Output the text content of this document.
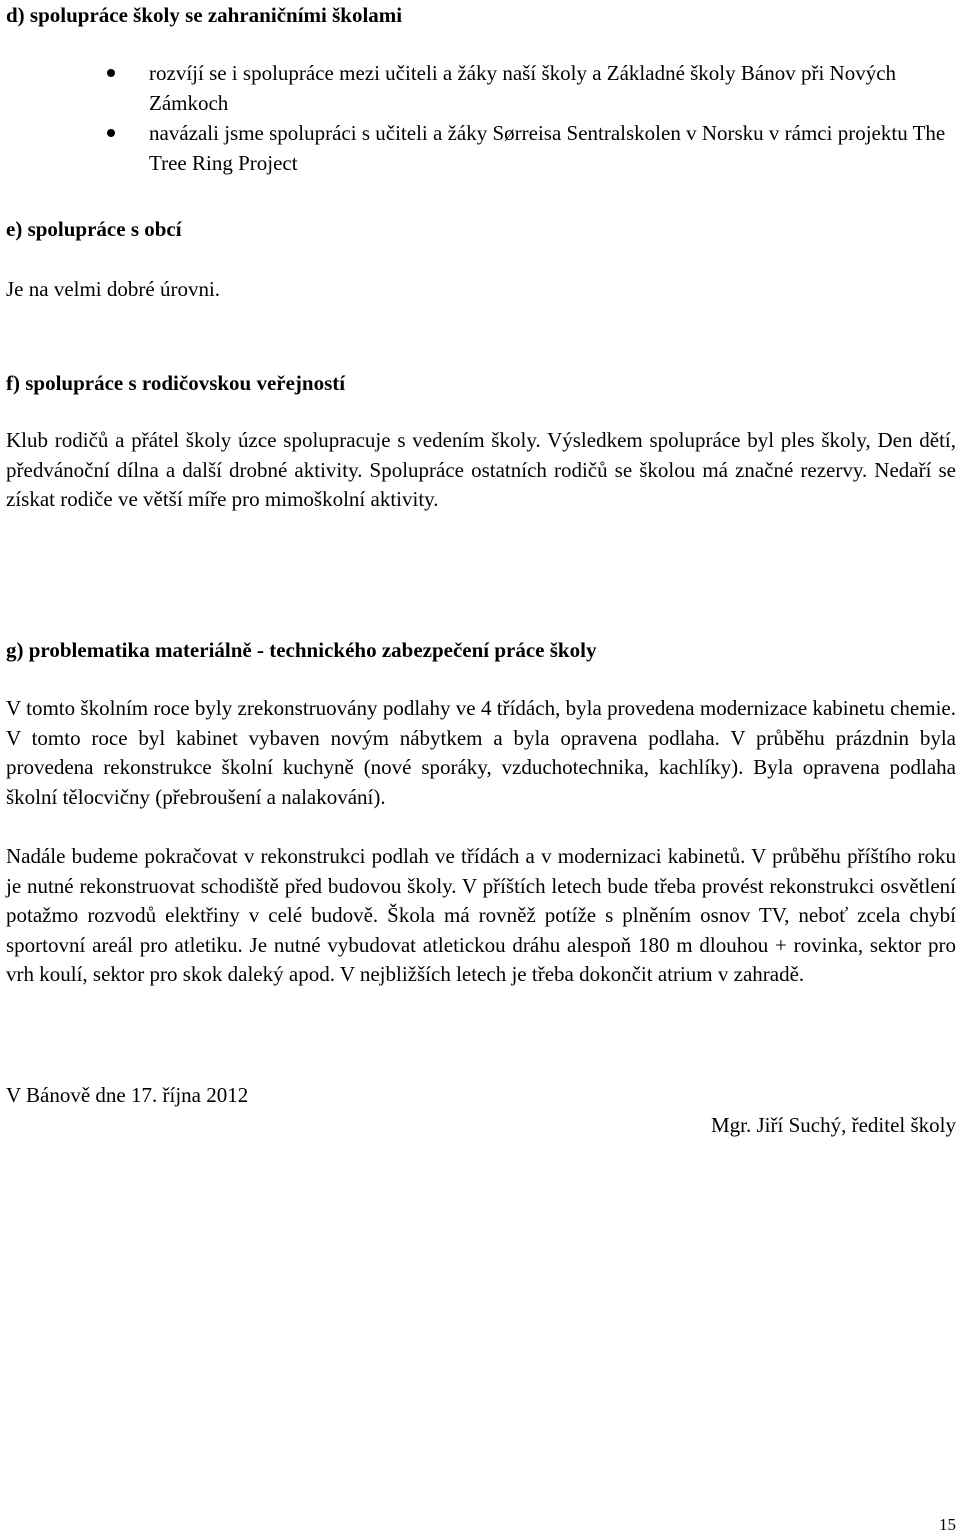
d) spolupráce školy se zahraničními školami
rozvíjí se i spolupráce mezi učiteli a žáky naší školy a Základné školy Bánov při Nových Zámkoch
navázali jsme spolupráci s učiteli a žáky Sørreisa Sentralskolen v Norsku v rámci projektu The Tree Ring Project
e) spolupráce s obcí
Je na velmi dobré úrovni.
f) spolupráce s rodičovskou veřejností
Klub rodičů a přátel školy úzce spolupracuje s vedením školy. Výsledkem spolupráce byl ples školy, Den dětí, předvánoční dílna a další drobné aktivity. Spolupráce ostatních rodičů se školou má značné rezervy. Nedaří se získat rodiče ve větší míře pro mimoškolní aktivity.
g) problematika materiálně - technického zabezpečení práce školy
V tomto školním roce byly zrekonstruovány podlahy ve 4 třídách, byla provedena modernizace kabinetu chemie. V tomto roce byl kabinet vybaven novým nábytkem a byla opravena podlaha. V průběhu prázdnin byla provedena rekonstrukce školní kuchyně (nové sporáky, vzduchotechnika, kachlíky). Byla opravena podlaha školní tělocvičny (přebroušení a nalakování).
Nadále budeme pokračovat v rekonstrukci podlah ve třídách a v modernizaci kabinetů. V průběhu příštího roku je nutné rekonstruovat schodiště před budovou školy. V příštích letech bude třeba provést rekonstrukci osvětlení potažmo rozvodů elektřiny v celé budově. Škola má rovněž potíže s plněním osnov TV, neboť zcela chybí sportovní areál pro atletiku. Je nutné vybudovat atletickou dráhu alespoň 180 m dlouhou + rovinka, sektor pro vrh koulí, sektor pro skok daleký apod. V nejbližších letech je třeba dokončit atrium v zahradě.
V Bánově dne 17. října 2012
Mgr. Jiří Suchý, ředitel školy
15
